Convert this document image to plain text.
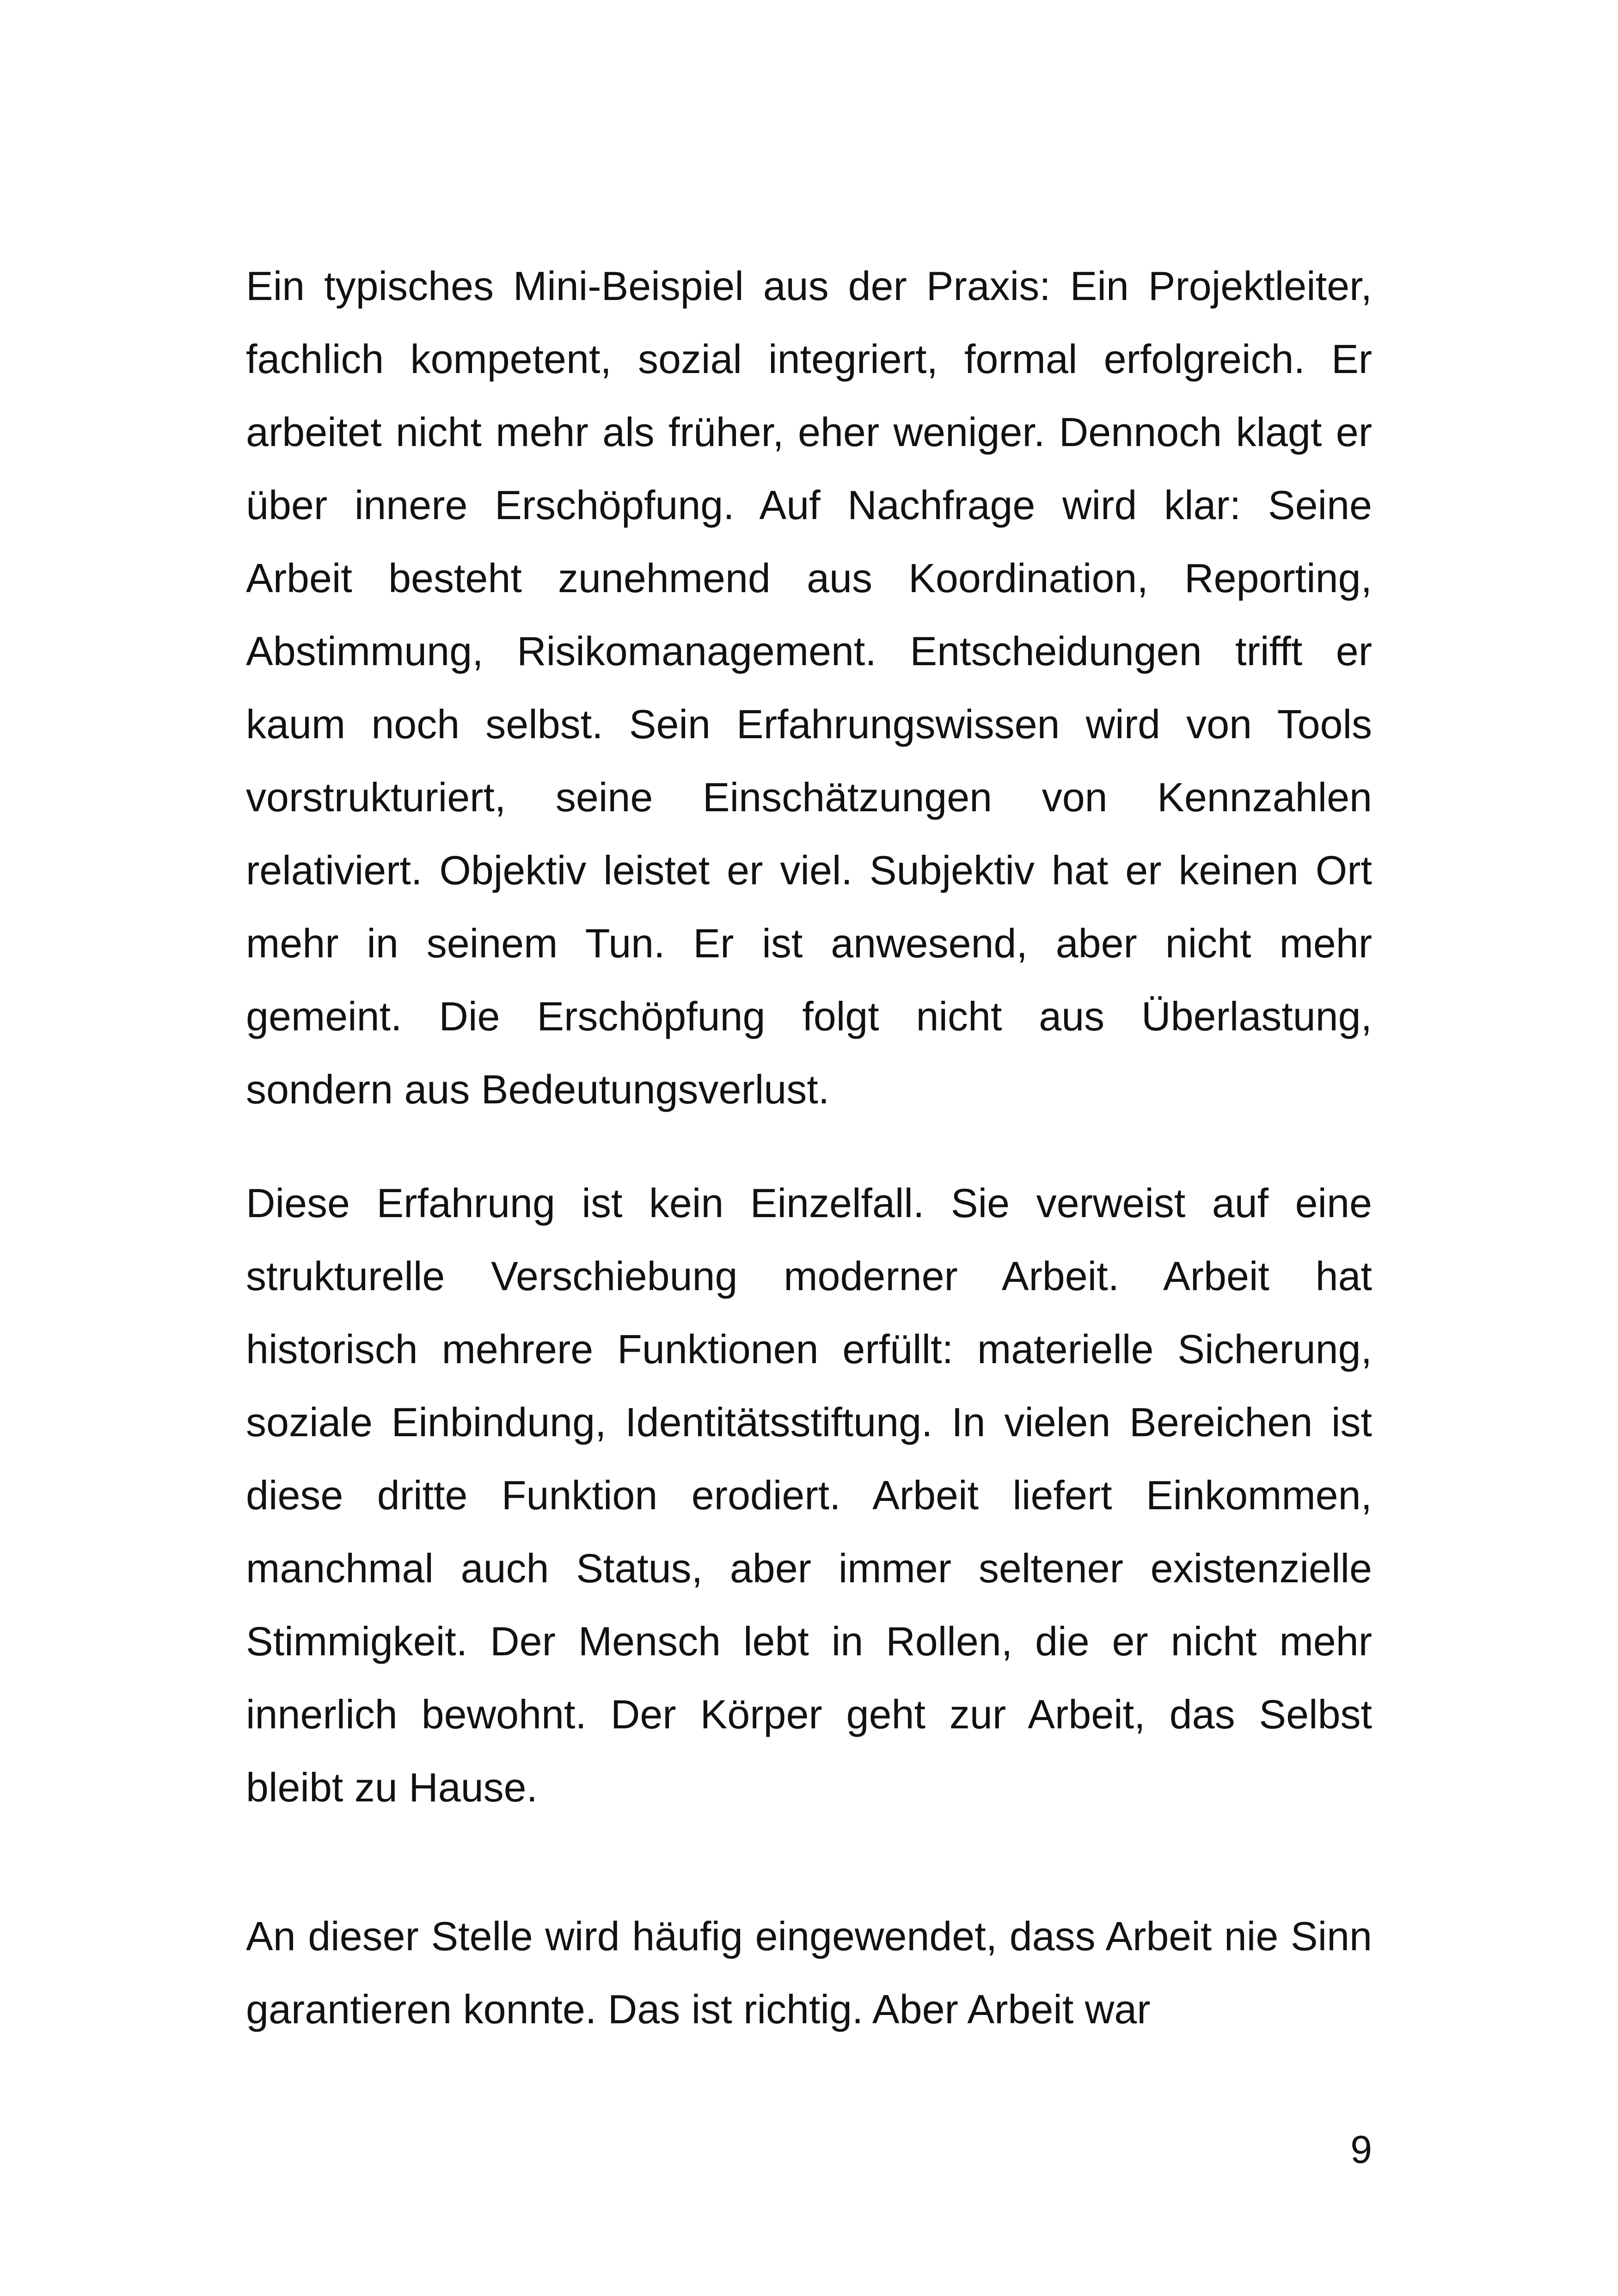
Ein typisches Mini-Beispiel aus der Praxis: Ein Projektleiter, fachlich kompetent, sozial integriert, formal erfolgreich. Er arbeitet nicht mehr als früher, eher weniger. Dennoch klagt er über innere Erschöpfung. Auf Nachfrage wird klar: Seine Arbeit besteht zunehmend aus Koordination, Reporting, Abstimmung, Risikomanagement. Entscheidungen trifft er kaum noch selbst. Sein Erfahrungswissen wird von Tools vorstrukturiert, seine Einschätzungen von Kennzahlen relativiert. Objektiv leistet er viel. Subjektiv hat er keinen Ort mehr in seinem Tun. Er ist anwesend, aber nicht mehr gemeint. Die Erschöpfung folgt nicht aus Überlastung, sondern aus Bedeutungsverlust.

Diese Erfahrung ist kein Einzelfall. Sie verweist auf eine strukturelle Verschiebung moderner Arbeit. Arbeit hat historisch mehrere Funktionen erfüllt: materielle Sicherung, soziale Einbindung, Identitätsstiftung. In vielen Bereichen ist diese dritte Funktion erodiert. Arbeit liefert Einkommen, manchmal auch Status, aber immer seltener existenzielle Stimmigkeit. Der Mensch lebt in Rollen, die er nicht mehr innerlich bewohnt. Der Körper geht zur Arbeit, das Selbst bleibt zu Hause.

An dieser Stelle wird häufig eingewendet, dass Arbeit nie Sinn garantieren konnte. Das ist richtig. Aber Arbeit war

9
